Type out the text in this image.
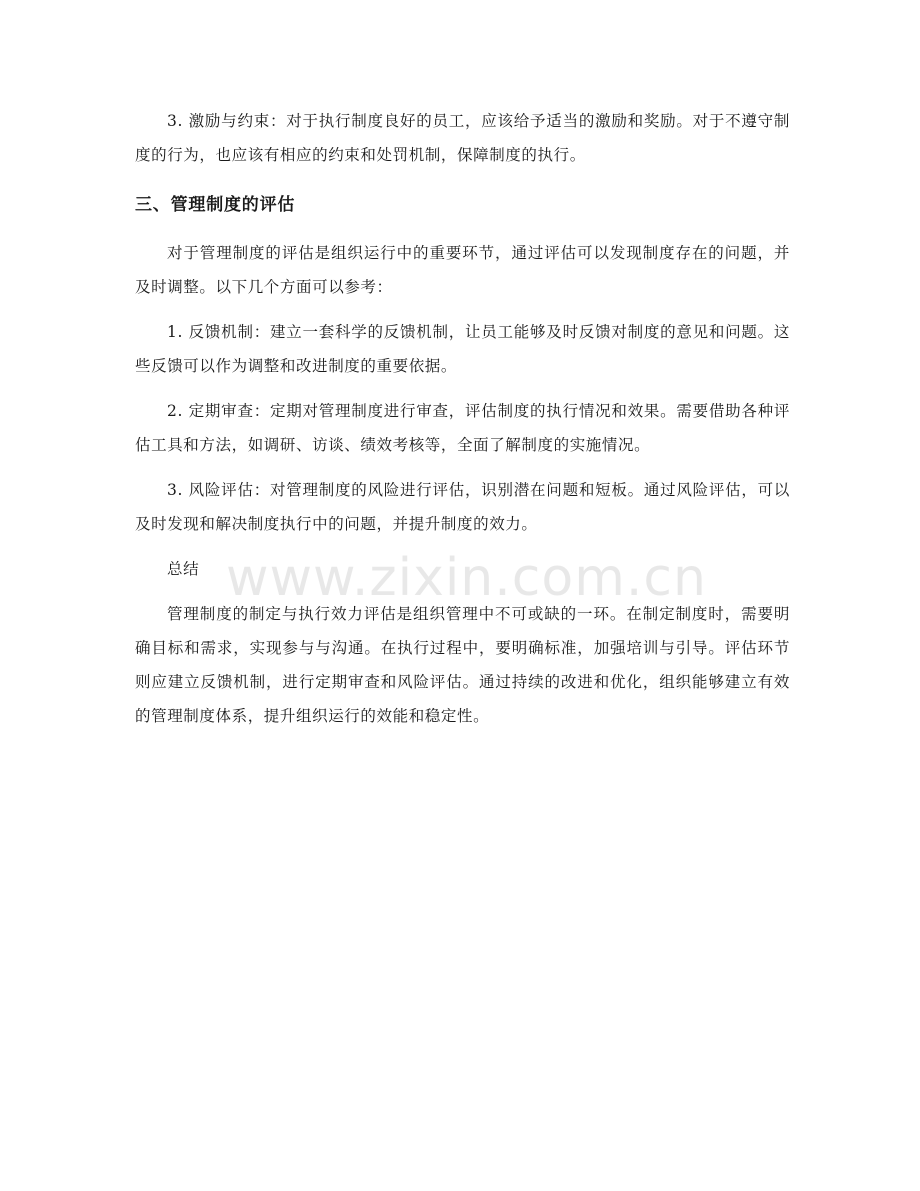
3. 激励与约束：对于执行制度良好的员工，应该给予适当的激励和奖励。对于不遵守制度的行为，也应该有相应的约束和处罚机制，保障制度的执行。

三、管理制度的评估

对于管理制度的评估是组织运行中的重要环节，通过评估可以发现制度存在的问题，并及时调整。以下几个方面可以参考：

1. 反馈机制：建立一套科学的反馈机制，让员工能够及时反馈对制度的意见和问题。这些反馈可以作为调整和改进制度的重要依据。

2. 定期审查：定期对管理制度进行审查，评估制度的执行情况和效果。需要借助各种评估工具和方法，如调研、访谈、绩效考核等，全面了解制度的实施情况。

3. 风险评估：对管理制度的风险进行评估，识别潜在问题和短板。通过风险评估，可以及时发现和解决制度执行中的问题，并提升制度的效力。

总结

管理制度的制定与执行效力评估是组织管理中不可或缺的一环。在制定制度时，需要明确目标和需求，实现参与与沟通。在执行过程中，要明确标准，加强培训与引导。评估环节则应建立反馈机制，进行定期审查和风险评估。通过持续的改进和优化，组织能够建立有效的管理制度体系，提升组织运行的效能和稳定性。

www.zixin.com.cn
